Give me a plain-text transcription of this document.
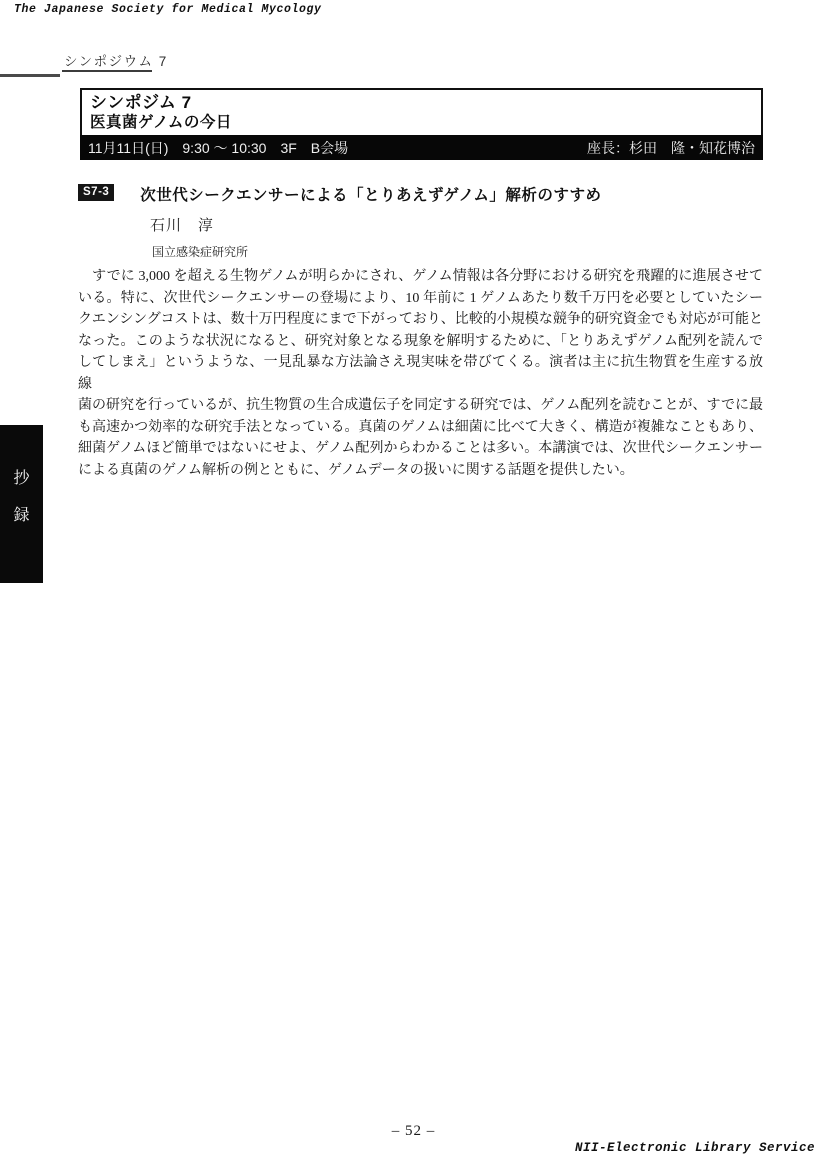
The Japanese Society for Medical Mycology
シンポジウム 7
シンポジム 7
医真菌ゲノムの今日
11月11日(日)　9:30 ～ 10:30　3F　B会場	座長：杉田　隆・知花博治
S7-3	次世代シークエンサーによる「とりあえずゲノム」解析のすすめ
石川　淳
国立感染症研究所
　すでに 3,000 を超える生物ゲノムが明らかにされ、ゲノム情報は各分野における研究を飛躍的に進展させて
いる。特に、次世代シークエンサーの登場により、10 年前に 1 ゲノムあたり数千万円を必要としていたシー
クエンシングコストは、数十万円程度にまで下がっており、比較的小規模な競争的研究資金でも対応が可能と
なった。このような状況になると、研究対象となる現象を解明するために、「とりあえずゲノム配列を読んで
してしまえ」というような、一見乱暴な方法論さえ現実味を帯びてくる。演者は主に抗生物質を生産する放線
菌の研究を行っているが、抗生物質の生合成遺伝子を同定する研究では、ゲノム配列を読むことが、すでに最
も高速かつ効率的な研究手法となっている。真菌のゲノムは細菌に比べて大きく、構造が複雑なこともあり、
細菌ゲノムほど簡単ではないにせよ、ゲノム配列からわかることは多い。本講演では、次世代シークエンサー
による真菌のゲノム解析の例とともに、ゲノムデータの扱いに関する話題を提供したい。
抄
録
– 52 –
NII-Electronic Library Service
